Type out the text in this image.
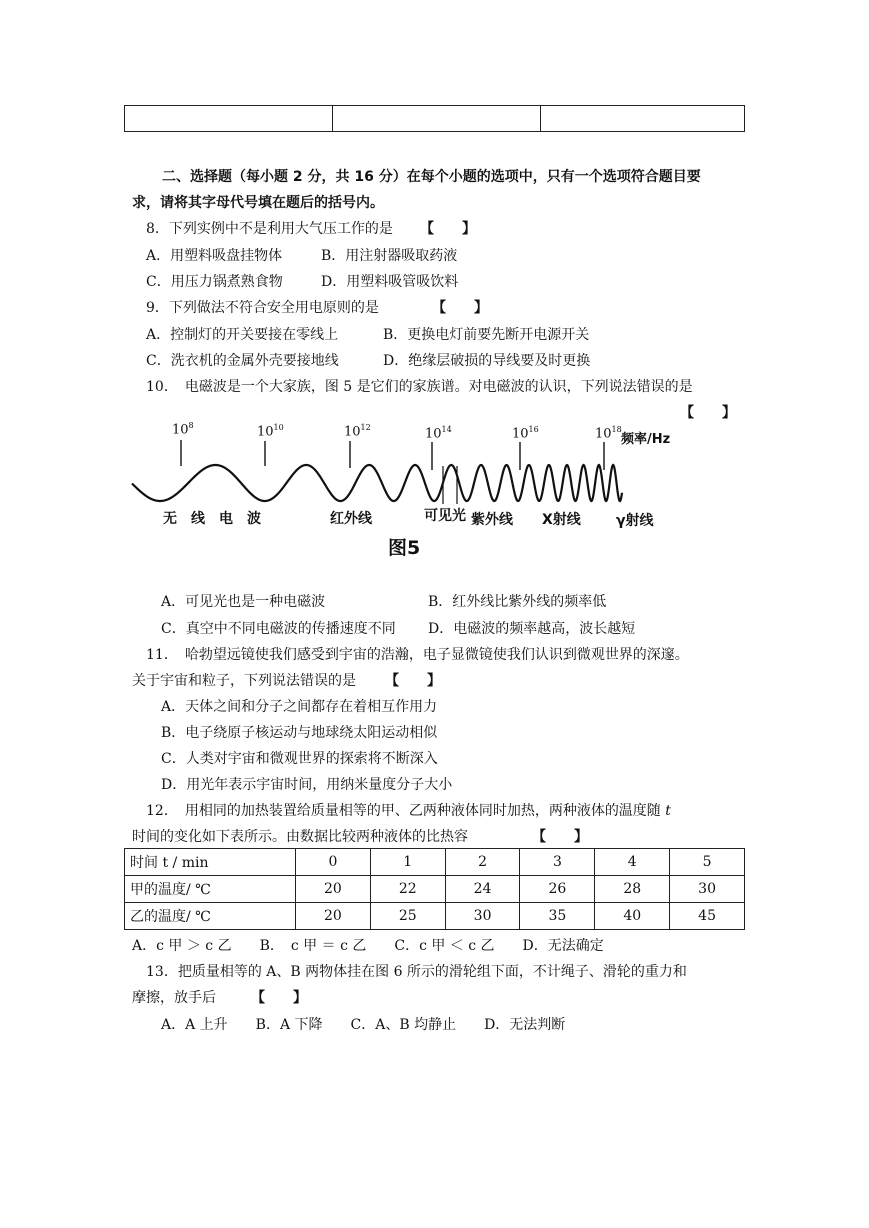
二、选择题（每小题 2 分，共 16 分）在每个小题的选项中，只有一个选项符合题目要
求，请将其字母代号填在题后的括号内。
8．下列实例中不是利用大气压工作的是 【　　】
A．用塑料吸盘挂物体	B．用注射器吸取药液
C．用压力锅煮熟食物	D．用塑料吸管吸饮料
9．下列做法不符合安全用电原则的是	【　　】
A．控制灯的开关要接在零线上	B．更换电灯前要先断开电源开关
C．洗衣机的金属外壳要接地线	D．绝缘层破损的导线要及时更换
10．　电磁波是一个大家族，图 5 是它们的家族谱。对电磁波的认识，下列说法错误的是
【　　】
$10^8$	$10^{10}$	$10^{12}$	$10^{14}$	$10^{16}$	$10^{18}$
频率/Hz
无　线　电　波	红外线	可见光 紫外线 X射线	γ射线
图5
A．可见光也是一种电磁波	B．红外线比紫外线的频率低
C．真空中不同电磁波的传播速度不同 D．电磁波的频率越高，波长越短
11．　哈勃望远镜使我们感受到宇宙的浩瀚，电子显微镜使我们认识到微观世界的深邃。
关于宇宙和粒子，下列说法错误的是 【　　】
A．天体之间和分子之间都存在着相互作用力
B．电子绕原子核运动与地球绕太阳运动相似
C．人类对宇宙和微观世界的探索将不断深入
D．用光年表示宇宙时间，用纳米量度分子大小
12．　用相同的加热装置给质量相等的甲、乙两种液体同时加热，两种液体的温度随 t
时间的变化如下表所示。由数据比较两种液体的比热容	【　　】
时间 t / min	0	1	2	3	4	5
甲的温度/ ℃	20	22	24	26	28	30
乙的温度/ ℃	20	25	30	35	40	45
A．c 甲 ＞ c 乙　　B．　c 甲 ＝ c 乙　　C．c 甲 ＜ c 乙　　D．无法确定
13．把质量相等的 A、B 两物体挂在图 6 所示的滑轮组下面，不计绳子、滑轮的重力和
摩擦，放手后	【　　】
A．A 上升　　B．A 下降　　C．A、B 均静止　　D．无法判断
